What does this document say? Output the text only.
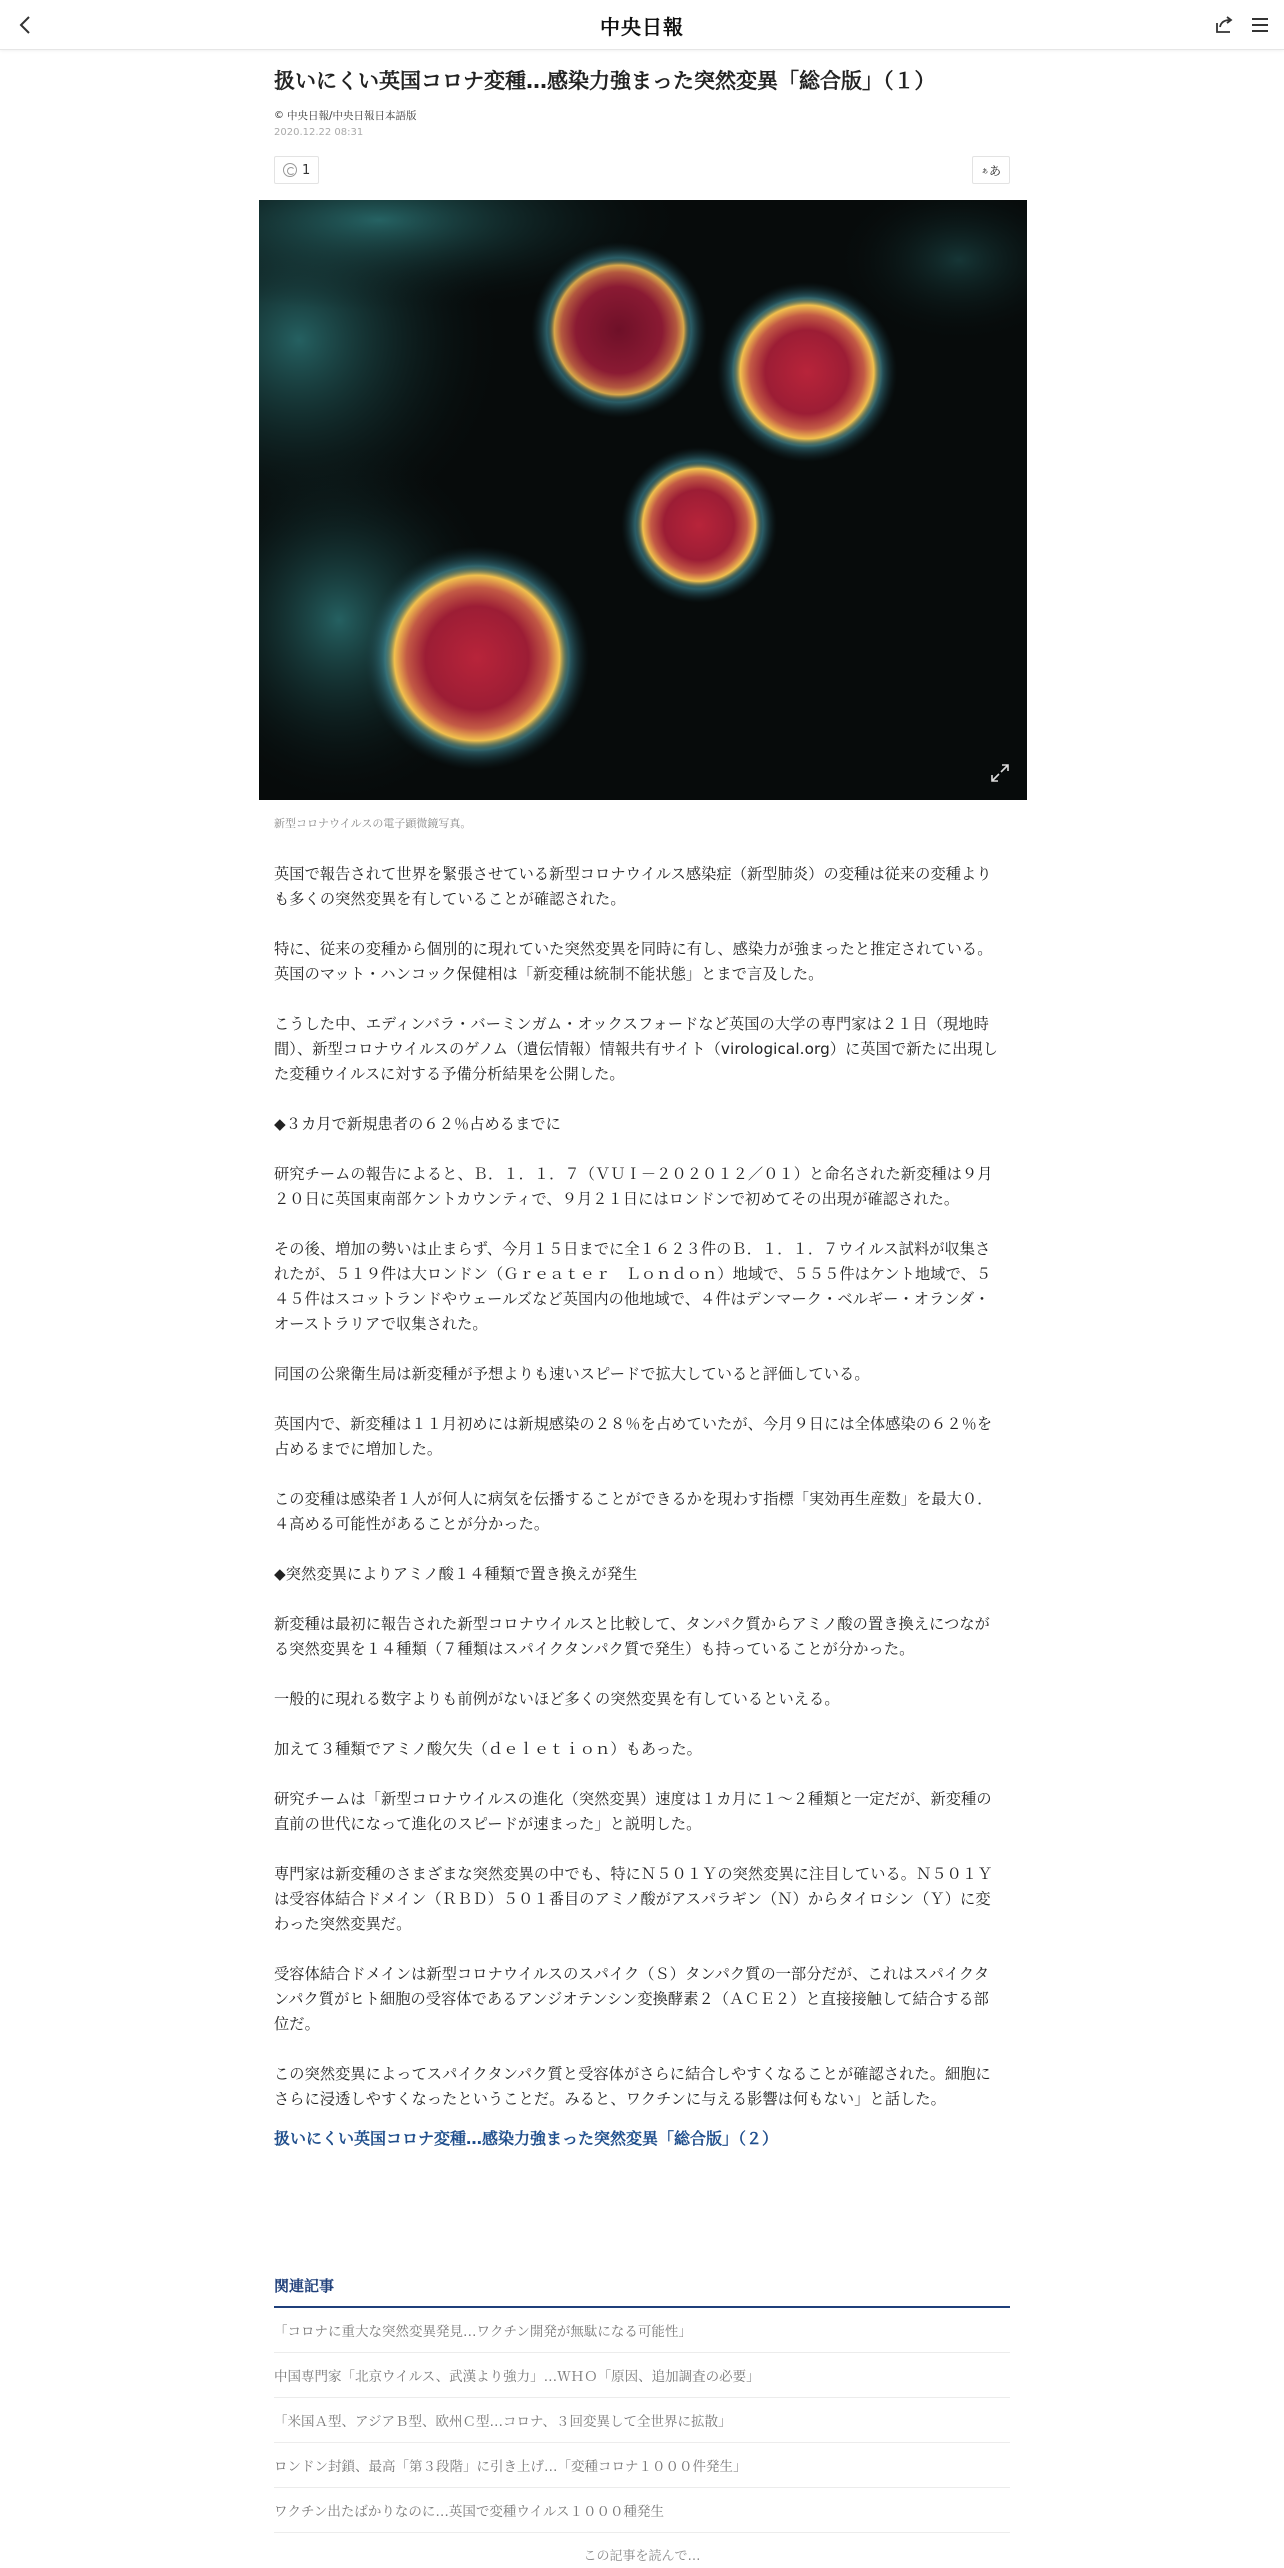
中央日報
扱いにくい英国コロナ変種…感染力強まった突然変異「総合版」（１）
© 中央日報/中央日報日本語版
2020.12.22 08:31
1	ぁ あ
新型コロナウイルスの電子顕微鏡写真。

英国で報告されて世界を緊張させている新型コロナウイルス感染症（新型肺炎）の変種は従来の変種よりも多くの突然変異を有していることが確認された。

特に、従来の変種から個別的に現れていた突然変異を同時に有し、感染力が強まったと推定されている。英国のマット・ハンコック保健相は「新変種は統制不能状態」とまで言及した。

こうした中、エディンバラ・バーミンガム・オックスフォードなど英国の大学の専門家は２１日（現地時間）、新型コロナウイルスのゲノム（遺伝情報）情報共有サイト（virological.org）に英国で新たに出現した変種ウイルスに対する予備分析結果を公開した。

◆３カ月で新規患者の６２％占めるまでに

研究チームの報告によると、Ｂ．１．１．７（ＶＵＩ－２０２０１２／０１）と命名された新変種は９月２０日に英国東南部ケントカウンティで、９月２１日にはロンドンで初めてその出現が確認された。

その後、増加の勢いは止まらず、今月１５日までに全１６２３件のＢ．１．１．７ウイルス試料が収集されたが、５１９件は大ロンドン（Ｇｒｅａｔｅｒ　Ｌｏｎｄｏｎ）地域で、５５５件はケント地域で、５４５件はスコットランドやウェールズなど英国内の他地域で、４件はデンマーク・ベルギー・オランダ・オーストラリアで収集された。

同国の公衆衛生局は新変種が予想よりも速いスピードで拡大していると評価している。

英国内で、新変種は１１月初めには新規感染の２８％を占めていたが、今月９日には全体感染の６２％を占めるまでに増加した。

この変種は感染者１人が何人に病気を伝播することができるかを現わす指標「実効再生産数」を最大０．４高める可能性があることが分かった。

◆突然変異によりアミノ酸１４種類で置き換えが発生

新変種は最初に報告された新型コロナウイルスと比較して、タンパク質からアミノ酸の置き換えにつながる突然変異を１４種類（７種類はスパイクタンパク質で発生）も持っていることが分かった。

一般的に現れる数字よりも前例がないほど多くの突然変異を有しているといえる。

加えて３種類でアミノ酸欠失（ｄｅｌｅｔｉｏｎ）もあった。

研究チームは「新型コロナウイルスの進化（突然変異）速度は１カ月に１～２種類と一定だが、新変種の直前の世代になって進化のスピードが速まった」と説明した。

専門家は新変種のさまざまな突然変異の中でも、特にＮ５０１Ｙの突然変異に注目している。Ｎ５０１Ｙは受容体結合ドメイン（ＲＢＤ）５０１番目のアミノ酸がアスパラギン（Ｎ）からタイロシン（Ｙ）に変わった突然変異だ。

受容体結合ドメインは新型コロナウイルスのスパイク（Ｓ）タンパク質の一部分だが、これはスパイクタンパク質がヒト細胞の受容体であるアンジオテンシン変換酵素２（ＡＣＥ２）と直接接触して結合する部位だ。

この突然変異によってスパイクタンパク質と受容体がさらに結合しやすくなることが確認された。細胞にさらに浸透しやすくなったということだ。みると、ワクチンに与える影響は何もない」と話した。

扱いにくい英国コロナ変種…感染力強まった突然変異「総合版」（２）
関連記事
「コロナに重大な突然変異発見…ワクチン開発が無駄になる可能性」
中国専門家「北京ウイルス、武漢より強力」…ＷＨＯ「原因、追加調査の必要」
「米国Ａ型、アジアＢ型、欧州Ｃ型…コロナ、３回変異して全世界に拡散」
ロンドン封鎖、最高「第３段階」に引き上げ…「変種コロナ１０００件発生」
ワクチン出たばかりなのに…英国で変種ウイルス１０００種発生
この記事を読んで…
